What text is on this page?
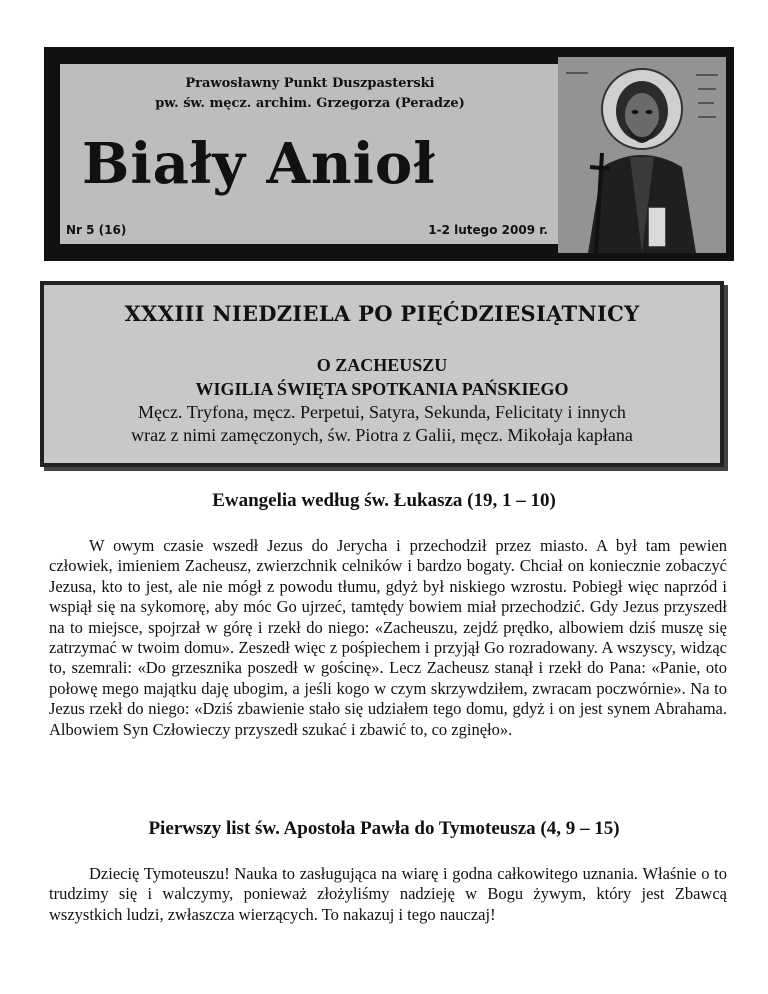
Prawosławny Punkt Duszpasterski
pw. św. męcz. archim. Grzegorza (Peradze)
Biały Anioł
Nr 5 (16)	1-2 lutego 2009 r.
XXXIII NIEDZIELA PO PIĘĆDZIESIĄTNICY
O ZACHEUSZU
WIGILIA ŚWIĘTA SPOTKANIA PAŃSKIEGO
Męcz. Tryfona, męcz. Perpetui, Satyra, Sekunda, Felicitaty i innych
wraz z nimi zamęczonych, św. Piotra z Galii, męcz. Mikołaja kapłana
Ewangelia według św. Łukasza (19, 1 – 10)
W owym czasie wszedł Jezus do Jerycha i przechodził przez miasto. A był tam pewien człowiek, imieniem Zacheusz, zwierzchnik celników i bardzo bogaty. Chciał on koniecznie zobaczyć Jezusa, kto to jest, ale nie mógł z powodu tłumu, gdyż był niskiego wzrostu. Pobiegł więc naprzód i wspiął się na sykomorę, aby móc Go ujrzeć, tamtędy bowiem miał przechodzić. Gdy Jezus przyszedł na to miejsce, spojrzał w górę i rzekł do niego: «Zacheuszu, zejdź prędko, albowiem dziś muszę się zatrzymać w twoim domu». Zeszedł więc z pośpiechem i przyjął Go rozradowany. A wszyscy, widząc to, szemrali: «Do grzesznika poszedł w gościnę». Lecz Zacheusz stanął i rzekł do Pana: «Panie, oto połowę mego majątku daję ubogim, a jeśli kogo w czym skrzywdziłem, zwracam poczwórnie». Na to Jezus rzekł do niego: «Dziś zbawienie stało się udziałem tego domu, gdyż i on jest synem Abrahama. Albowiem Syn Człowieczy przyszedł szukać i zbawić to, co zginęło».
Pierwszy list św. Apostoła Pawła do Tymoteusza (4, 9 – 15)
Dziecię Tymoteuszu! Nauka to zasługująca na wiarę i godna całkowitego uznania. Właśnie o to trudzimy się i walczymy, ponieważ złożyliśmy nadzieję w Bogu żywym, który jest Zbawcą wszystkich ludzi, zwłaszcza wierzących. To nakazuj i tego nauczaj!
